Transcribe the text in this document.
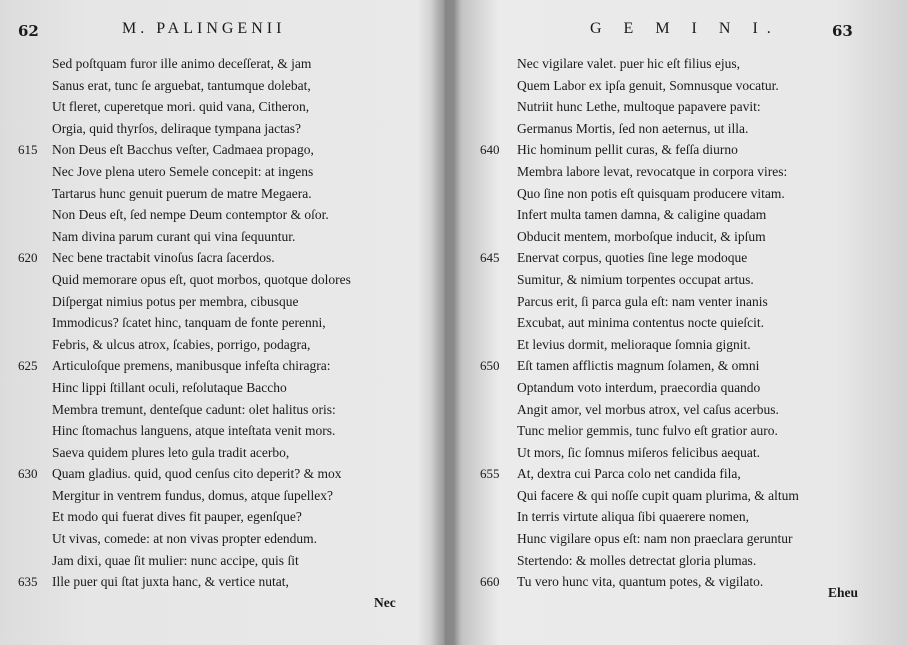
62	M. PALINGENII
Sed poſtquam furor ille animo deceſſerat, & jam
Sanus erat, tunc ſe arguebat, tantumque dolebat,
Ut fleret, cuperetque mori. quid vana, Citheron,
Orgia, quid thyrſos, deliraque tympana jactas?
615 Non Deus eſt Bacchus veſter, Cadmaea propago,
Nec Jove plena utero Semele concepit: at ingens
Tartarus hunc genuit puerum de matre Megaera.
Non Deus eſt, ſed nempe Deum contemptor & oſor.
Nam divina parum curant qui vina ſequuntur.
620 Nec bene tractabit vinoſus ſacra ſacerdos.
Quid memorare opus eſt, quot morbos, quotque dolores
Diſpergat nimius potus per membra, cibusque
Immodicus? ſcatet hinc, tanquam de fonte perenni,
Febris, & ulcus atrox, ſcabies, porrigo, podagra,
625 Articuloſque premens, manibusque infeſta chiragra:
Hinc lippi ſtillant oculi, reſolutaque Baccho
Membra tremunt, denteſque cadunt: olet halitus oris:
Hinc ſtomachus languens, atque inteſtata venit mors.
Saeva quidem plures leto gula tradit acerbo,
630 Quam gladius. quid, quod cenſus cito deperit? & mox
Mergitur in ventrem fundus, domus, atque ſupellex?
Et modo qui fuerat dives fit pauper, egenſque?
Ut vivas, comede: at non vivas propter edendum.
Jam dixi, quae ſit mulier: nunc accipe, quis ſit
635 Ille puer qui ſtat juxta hanc, & vertice nutat,
Nec
63
G E M I N I.
Nec vigilare valet. puer hic eſt filius ejus,
Quem Labor ex ipſa genuit, Somnusque vocatur.
Nutriit hunc Lethe, multoque papavere pavit:
Germanus Mortis, ſed non aeternus, ut illa.
640 Hic hominum pellit curas, & feſſa diurno
Membra labore levat, revocatque in corpora vires:
Quo ſine non potis eſt quisquam producere vitam.
Infert multa tamen damna, & caligine quadam
Obducit mentem, morboſque inducit, & ipſum
645 Enervat corpus, quoties ſine lege modoque
Sumitur, & nimium torpentes occupat artus.
Parcus erit, ſi parca gula eſt: nam venter inanis
Excubat, aut minima contentus nocte quieſcit.
Et levius dormit, melioraque ſomnia gignit.
650 Eſt tamen afflictis magnum ſolamen, & omni
Optandum voto interdum, praecordia quando
Angit amor, vel morbus atrox, vel caſus acerbus.
Tunc melior gemmis, tunc fulvo eſt gratior auro.
Ut mors, ſic ſomnus miſeros felicibus aequat.
655 At, dextra cui Parca colo net candida fila,
Qui facere & qui noſſe cupit quam plurima, & altum
In terris virtute aliqua ſibi quaerere nomen,
Hunc vigilare opus eſt: nam non praeclara geruntur
Stertendo: & molles detrectat gloria plumas.
660 Tu vero hunc vita, quantum potes, & vigilato.
Eheu
